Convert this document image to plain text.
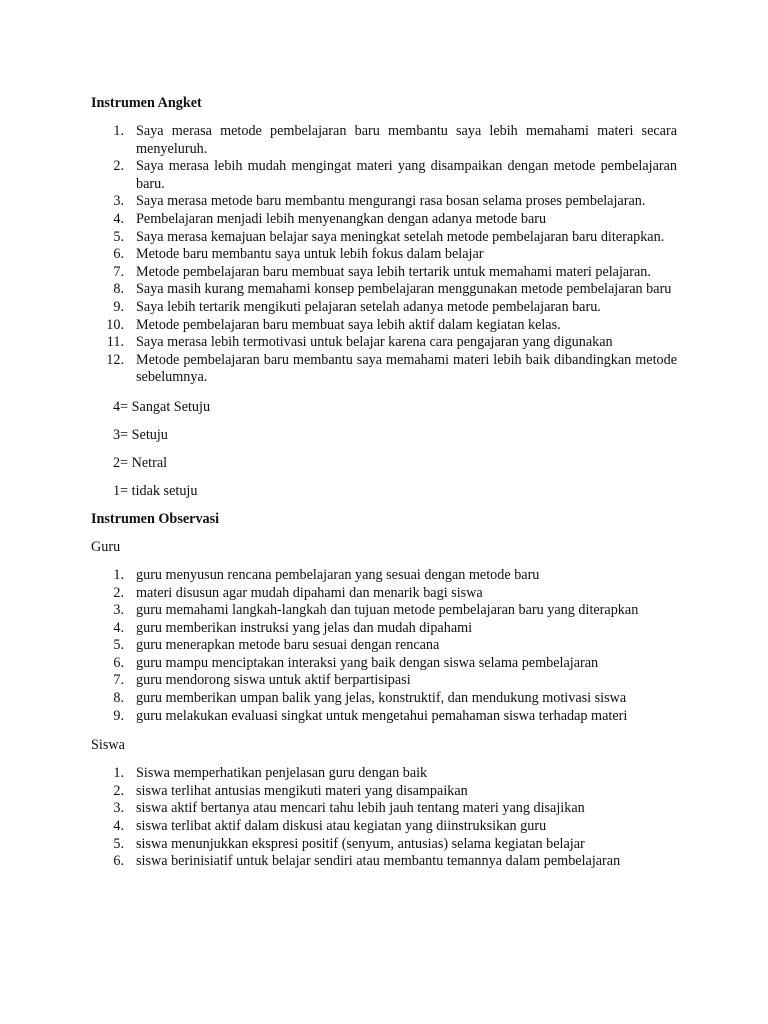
Instrumen Angket

1. Saya merasa metode pembelajaran baru membantu saya lebih memahami materi secara menyeluruh.
2. Saya merasa lebih mudah mengingat materi yang disampaikan dengan metode pembelajaran baru.
3. Saya merasa metode baru membantu mengurangi rasa bosan selama proses pembelajaran.
4. Pembelajaran menjadi lebih menyenangkan dengan adanya metode baru
5. Saya merasa kemajuan belajar saya meningkat setelah metode pembelajaran baru diterapkan.
6. Metode baru membantu saya untuk lebih fokus dalam belajar
7. Metode pembelajaran baru membuat saya lebih tertarik untuk memahami materi pelajaran.
8. Saya masih kurang memahami konsep pembelajaran menggunakan metode pembelajaran baru
9. Saya lebih tertarik mengikuti pelajaran setelah adanya metode pembelajaran baru.
10. Metode pembelajaran baru membuat saya lebih aktif dalam kegiatan kelas.
11. Saya merasa lebih termotivasi untuk belajar karena cara pengajaran yang digunakan
12. Metode pembelajaran baru membantu saya memahami materi lebih baik dibandingkan metode sebelumnya.

4= Sangat Setuju

3= Setuju

2= Netral

1= tidak setuju

Instrumen Observasi

Guru

1. guru menyusun rencana pembelajaran yang sesuai dengan metode baru
2. materi disusun agar mudah dipahami dan menarik bagi siswa
3. guru memahami langkah-langkah dan tujuan metode pembelajaran baru yang diterapkan
4. guru memberikan instruksi yang jelas dan mudah dipahami
5. guru menerapkan metode baru sesuai dengan rencana
6. guru mampu menciptakan interaksi yang baik dengan siswa selama pembelajaran
7. guru mendorong siswa untuk aktif berpartisipasi
8. guru memberikan umpan balik yang jelas, konstruktif, dan mendukung motivasi siswa
9. guru melakukan evaluasi singkat untuk mengetahui pemahaman siswa terhadap materi

Siswa

1. Siswa memperhatikan penjelasan guru dengan baik
2. siswa terlihat antusias mengikuti materi yang disampaikan
3. siswa aktif bertanya atau mencari tahu lebih jauh tentang materi yang disajikan
4. siswa terlibat aktif dalam diskusi atau kegiatan yang diinstruksikan guru
5. siswa menunjukkan ekspresi positif (senyum, antusias) selama kegiatan belajar
6. siswa berinisiatif untuk belajar sendiri atau membantu temannya dalam pembelajaran
